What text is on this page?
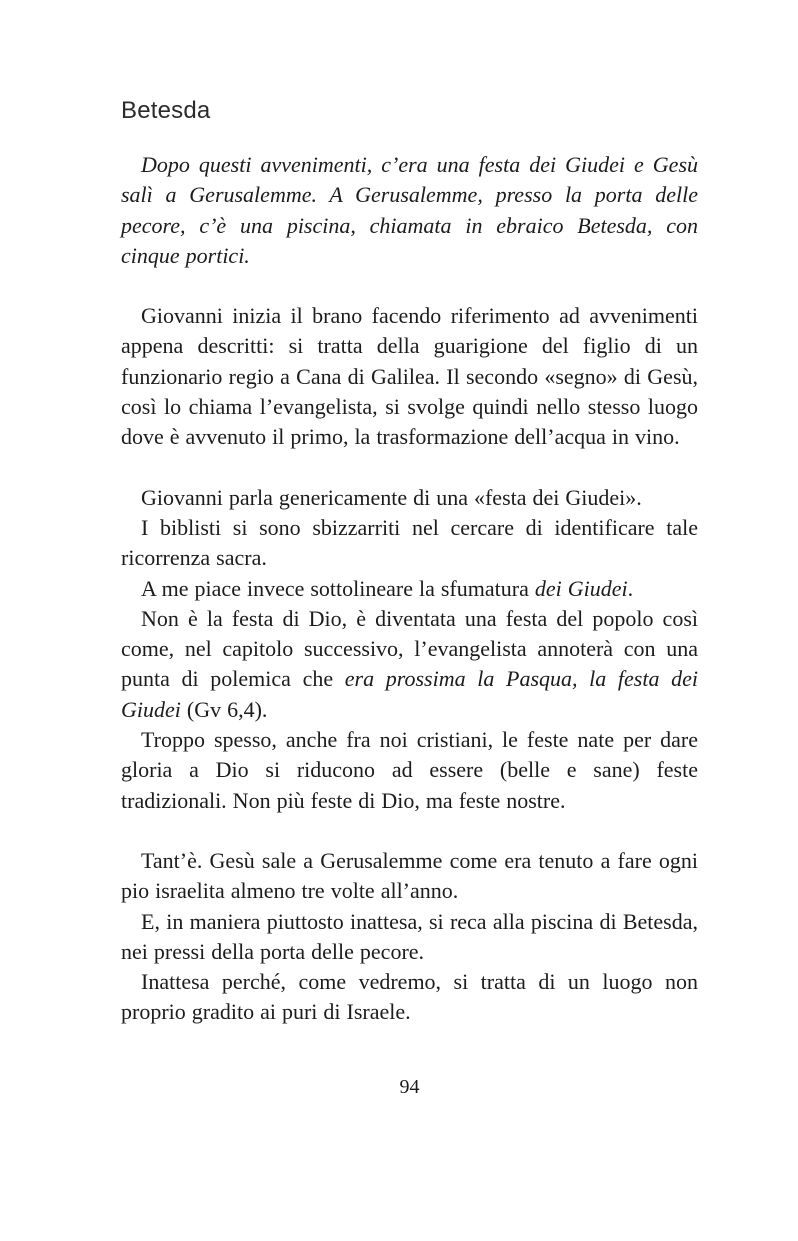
Betesda

Dopo questi avvenimenti, c’era una festa dei Giudei e Gesù salì a Gerusalemme. A Gerusalemme, presso la porta delle pecore, c’è una piscina, chiamata in ebraico Betesda, con cinque portici.

Giovanni inizia il brano facendo riferimento ad avvenimenti appena descritti: si tratta della guarigione del figlio di un funzionario regio a Cana di Galilea. Il secondo «segno» di Gesù, così lo chiama l’evangelista, si svolge quindi nello stesso luogo dove è avvenuto il primo, la trasformazione dell’acqua in vino.

Giovanni parla genericamente di una «festa dei Giudei».

I biblisti si sono sbizzarriti nel cercare di identificare tale ricorrenza sacra.

A me piace invece sottolineare la sfumatura dei Giudei.

Non è la festa di Dio, è diventata una festa del popolo così come, nel capitolo successivo, l’evangelista annoterà con una punta di polemica che era prossima la Pasqua, la festa dei Giudei (Gv 6,4).

Troppo spesso, anche fra noi cristiani, le feste nate per dare gloria a Dio si riducono ad essere (belle e sane) feste tradizionali. Non più feste di Dio, ma feste nostre.

Tant’è. Gesù sale a Gerusalemme come era tenuto a fare ogni pio israelita almeno tre volte all’anno.

E, in maniera piuttosto inattesa, si reca alla piscina di Betesda, nei pressi della porta delle pecore.

Inattesa perché, come vedremo, si tratta di un luogo non proprio gradito ai puri di Israele.

94
